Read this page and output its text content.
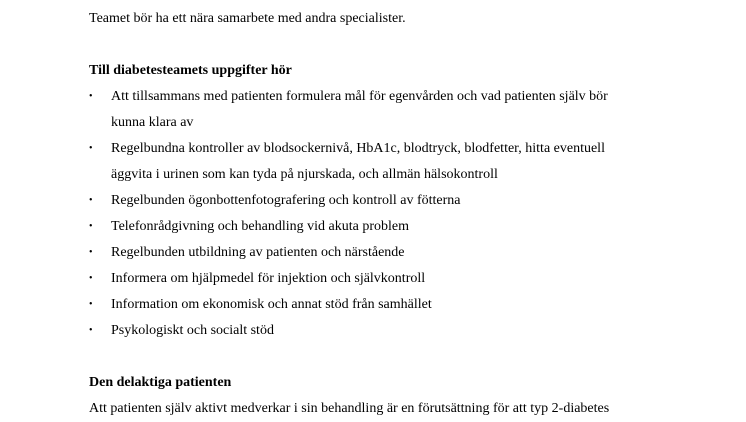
Teamet bör ha ett nära samarbete med andra specialister.
Till diabetesteamets uppgifter hör
• Att tillsammans med patienten formulera mål för egenvården och vad patienten själv bör
kunna klara av
• Regelbundna kontroller av blodsockernivå, HbA1c, blodtryck, blodfetter, hitta eventuell
äggvita i urinen som kan tyda på njurskada, och allmän hälsokontroll
• Regelbunden ögonbottenfotografering och kontroll av fötterna
• Telefonrådgivning och behandling vid akuta problem
• Regelbunden utbildning av patienten och närstående
• Informera om hjälpmedel för injektion och självkontroll
• Information om ekonomisk och annat stöd från samhället
• Psykologiskt och socialt stöd
Den delaktiga patienten
Att patienten själv aktivt medverkar i sin behandling är en förutsättning för att typ 2-diabetes
